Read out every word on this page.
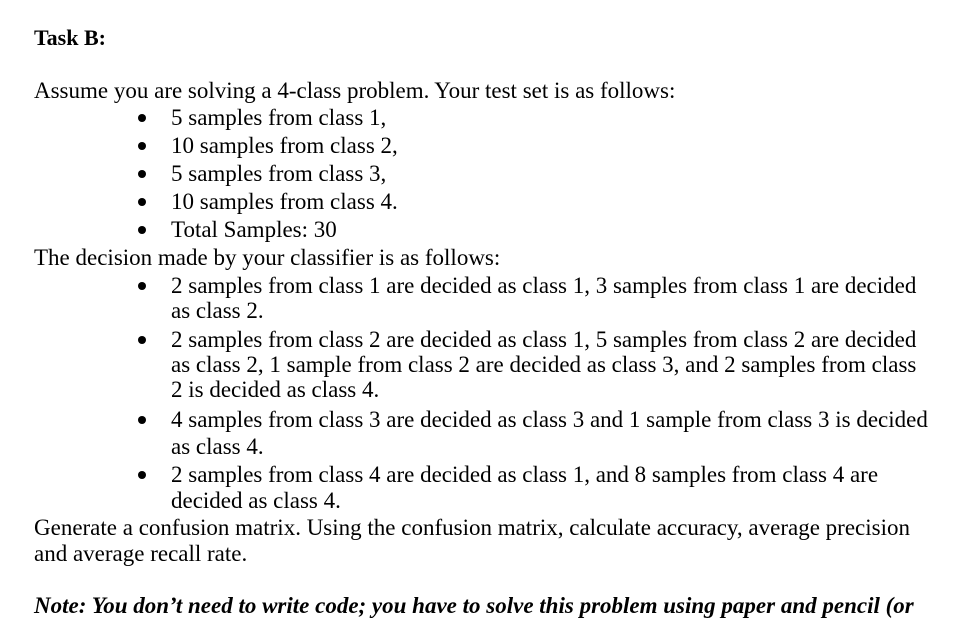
Task B:
Assume you are solving a 4-class problem. Your test set is as follows:
5 samples from class 1,
10 samples from class 2,
5 samples from class 3,
10 samples from class 4.
Total Samples: 30
The decision made by your classifier is as follows:
2 samples from class 1 are decided as class 1, 3 samples from class 1 are decided
as class 2.
2 samples from class 2 are decided as class 1, 5 samples from class 2 are decided
as class 2, 1 sample from class 2 are decided as class 3, and 2 samples from class
2 is decided as class 4.
4 samples from class 3 are decided as class 3 and 1 sample from class 3 is decided
as class 4.
2 samples from class 4 are decided as class 1, and 8 samples from class 4 are
decided as class 4.
Generate a confusion matrix. Using the confusion matrix, calculate accuracy, average precision
and average recall rate.
Note: You don’t need to write code; you have to solve this problem using paper and pencil (or
